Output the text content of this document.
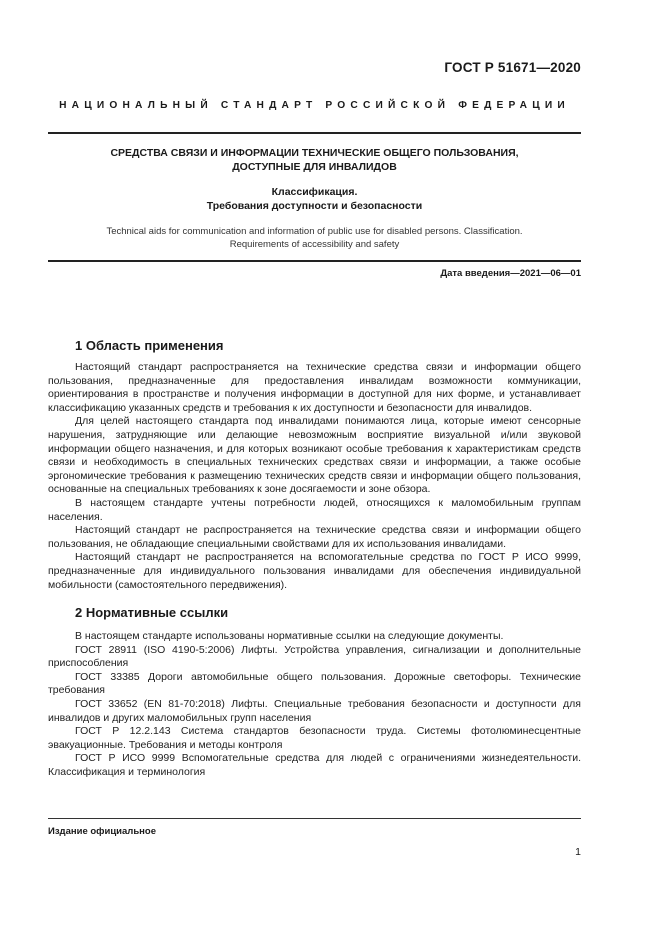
ГОСТ Р 51671—2020
НАЦИОНАЛЬНЫЙ СТАНДАРТ РОССИЙСКОЙ ФЕДЕРАЦИИ
СРЕДСТВА СВЯЗИ И ИНФОРМАЦИИ ТЕХНИЧЕСКИЕ ОБЩЕГО ПОЛЬЗОВАНИЯ,
ДОСТУПНЫЕ ДЛЯ ИНВАЛИДОВ
Классификация.
Требования доступности и безопасности
Technical aids for communication and information of public use for disabled persons. Classification.
Requirements of accessibility and safety
Дата введения—2021—06—01
1 Область применения

Настоящий стандарт распространяется на технические средства связи и информации общего пользования, предназначенные для предоставления инвалидам возможности коммуникации, ориентирования в пространстве и получения информации в доступной для них форме, и устанавливает классификацию указанных средств и требования к их доступности и безопасности для инвалидов.

Для целей настоящего стандарта под инвалидами понимаются лица, которые имеют сенсорные нарушения, затрудняющие или делающие невозможным восприятие визуальной и/или звуковой информации общего назначения, и для которых возникают особые требования к характеристикам средств связи и необходимость в специальных технических средствах связи и информации, а также особые эргономические требования к размещению технических средств связи и информации общего пользования, основанные на специальных требованиях к зоне досягаемости и зоне обзора.

В настоящем стандарте учтены потребности людей, относящихся к маломобильным группам населения.

Настоящий стандарт не распространяется на технические средства связи и информации общего пользования, не обладающие специальными свойствами для их использования инвалидами.

Настоящий стандарт не распространяется на вспомогательные средства по ГОСТ Р ИСО 9999, предназначенные для индивидуального пользования инвалидами для обеспечения индивидуальной мобильности (самостоятельного передвижения).

2 Нормативные ссылки

В настоящем стандарте использованы нормативные ссылки на следующие документы.

ГОСТ 28911 (ISO 4190-5:2006) Лифты. Устройства управления, сигнализации и дополнительные приспособления

ГОСТ 33385 Дороги автомобильные общего пользования. Дорожные светофоры. Технические требования

ГОСТ 33652 (EN 81-70:2018) Лифты. Специальные требования безопасности и доступности для инвалидов и других маломобильных групп населения

ГОСТ Р 12.2.143 Система стандартов безопасности труда. Системы фотолюминесцентные эвакуационные. Требования и методы контроля

ГОСТ Р ИСО 9999 Вспомогательные средства для людей с ограничениями жизнедеятельности. Классификация и терминология

Издание официальное
1
